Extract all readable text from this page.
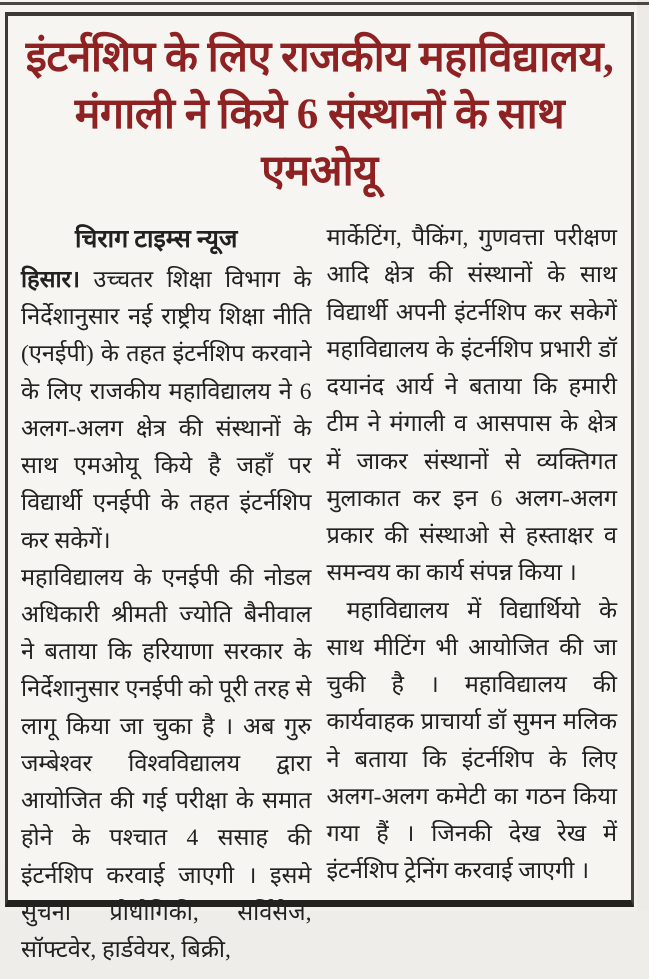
इंटर्नशिप के लिए राजकीय महाविद्यालय,
मंगाली ने किये 6 संस्थानों के साथ एमओयू
चिराग टाइम्स न्यूज

हिसार। उच्चतर शिक्षा विभाग के निर्देशानुसार नई राष्ट्रीय शिक्षा नीति (एनईपी) के तहत इंटर्नशिप करवाने के लिए राजकीय महाविद्यालय ने 6 अलग-अलग क्षेत्र की संस्थानों के साथ एमओयू किये है जहाँ पर विद्यार्थी एनईपी के तहत इंटर्नशिप कर सकेगें।

महाविद्यालय के एनईपी की नोडल अधिकारी श्रीमती ज्योति बैनीवाल ने बताया कि हरियाणा सरकार के निर्देशानुसार एनईपी को पूरी तरह से लागू किया जा चुका है । अब गुरु जम्बेश्वर विश्वविद्यालय द्वारा आयोजित की गई परीक्षा के समात होने के पश्चात 4 ससाह की इंटर्नशिप करवाई जाएगी । इसमे सुचना प्रोधोगिकी, सर्विसेज, सॉफ्टवेर, हार्डवेयर, बिक्री,

मार्केटिंग, पैकिंग, गुणवत्ता परीक्षण आदि क्षेत्र की संस्थानों के साथ विद्यार्थी अपनी इंटर्नशिप कर सकेगें महाविद्यालय के इंटर्नशिप प्रभारी डॉ दयानंद आर्य ने बताया कि हमारी टीम ने मंगाली व आसपास के क्षेत्र में जाकर संस्थानों से व्यक्तिगत मुलाकात कर इन 6 अलग-अलग प्रकार की संस्थाओ से हस्ताक्षर व समन्वय का कार्य संपन्न किया ।

महाविद्यालय में विद्यार्थियो के साथ मीटिंग भी आयोजित की जा चुकी है । महाविद्यालय की कार्यवाहक प्राचार्या डॉ सुमन मलिक ने बताया कि इंटर्नशिप के लिए अलग-अलग कमेटी का गठन किया गया हैं । जिनकी देख रेख में इंटर्नशिप ट्रेनिंग करवाई जाएगी ।
